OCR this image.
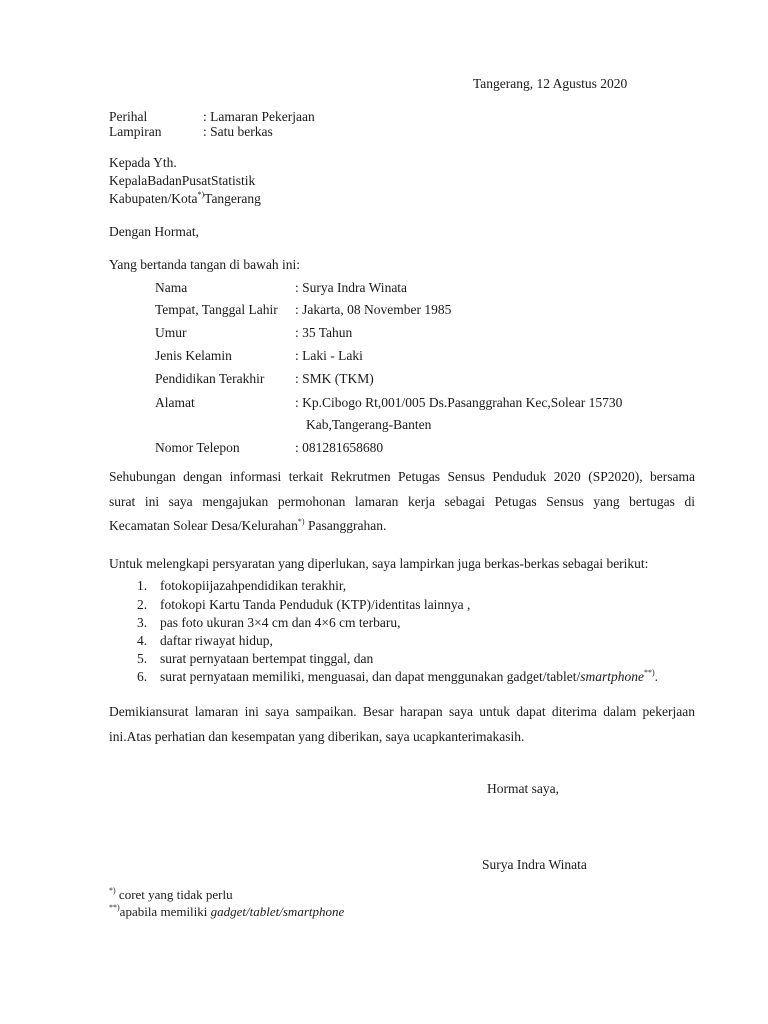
Tangerang, 12 Agustus 2020
Perihal	: Lamaran Pekerjaan
Lampiran	: Satu berkas
Kepada Yth.
KepalaBadanPusatStatistik
Kabupaten/Kota*)Tangerang
Dengan Hormat,
Yang bertanda tangan di bawah ini:
Nama	: Surya Indra Winata
Tempat, Tanggal Lahir : Jakarta, 08 November 1985
Umur	: 35 Tahun
Jenis Kelamin	: Laki - Laki
Pendidikan Terakhir : SMK (TKM)
Alamat	: Kp.Cibogo Rt,001/005 Ds.Pasanggrahan Kec,Solear 15730
Kab,Tangerang-Banten
Nomor Telepon	: 081281658680
Sehubungan dengan informasi terkait Rekrutmen Petugas Sensus Penduduk 2020 (SP2020), bersama
surat ini saya mengajukan permohonan lamaran kerja sebagai Petugas Sensus yang bertugas di
Kecamatan Solear Desa/Kelurahan*) Pasanggrahan.
Untuk melengkapi persyaratan yang diperlukan, saya lampirkan juga berkas-berkas sebagai berikut:
1. fotokopiijazahpendidikan terakhir,
2. fotokopi Kartu Tanda Penduduk (KTP)/identitas lainnya ,
3. pas foto ukuran 3×4 cm dan 4×6 cm terbaru,
4. daftar riwayat hidup,
5. surat pernyataan bertempat tinggal, dan
6. surat pernyataan memiliki, menguasai, dan dapat menggunakan gadget/tablet/smartphone**).
Demikiansurat lamaran ini saya sampaikan. Besar harapan saya untuk dapat diterima dalam pekerjaan
ini.Atas perhatian dan kesempatan yang diberikan, saya ucapkanterimakasih.
Hormat saya,
Surya Indra Winata
*) coret yang tidak perlu
**)apabila memiliki gadget/tablet/smartphone
